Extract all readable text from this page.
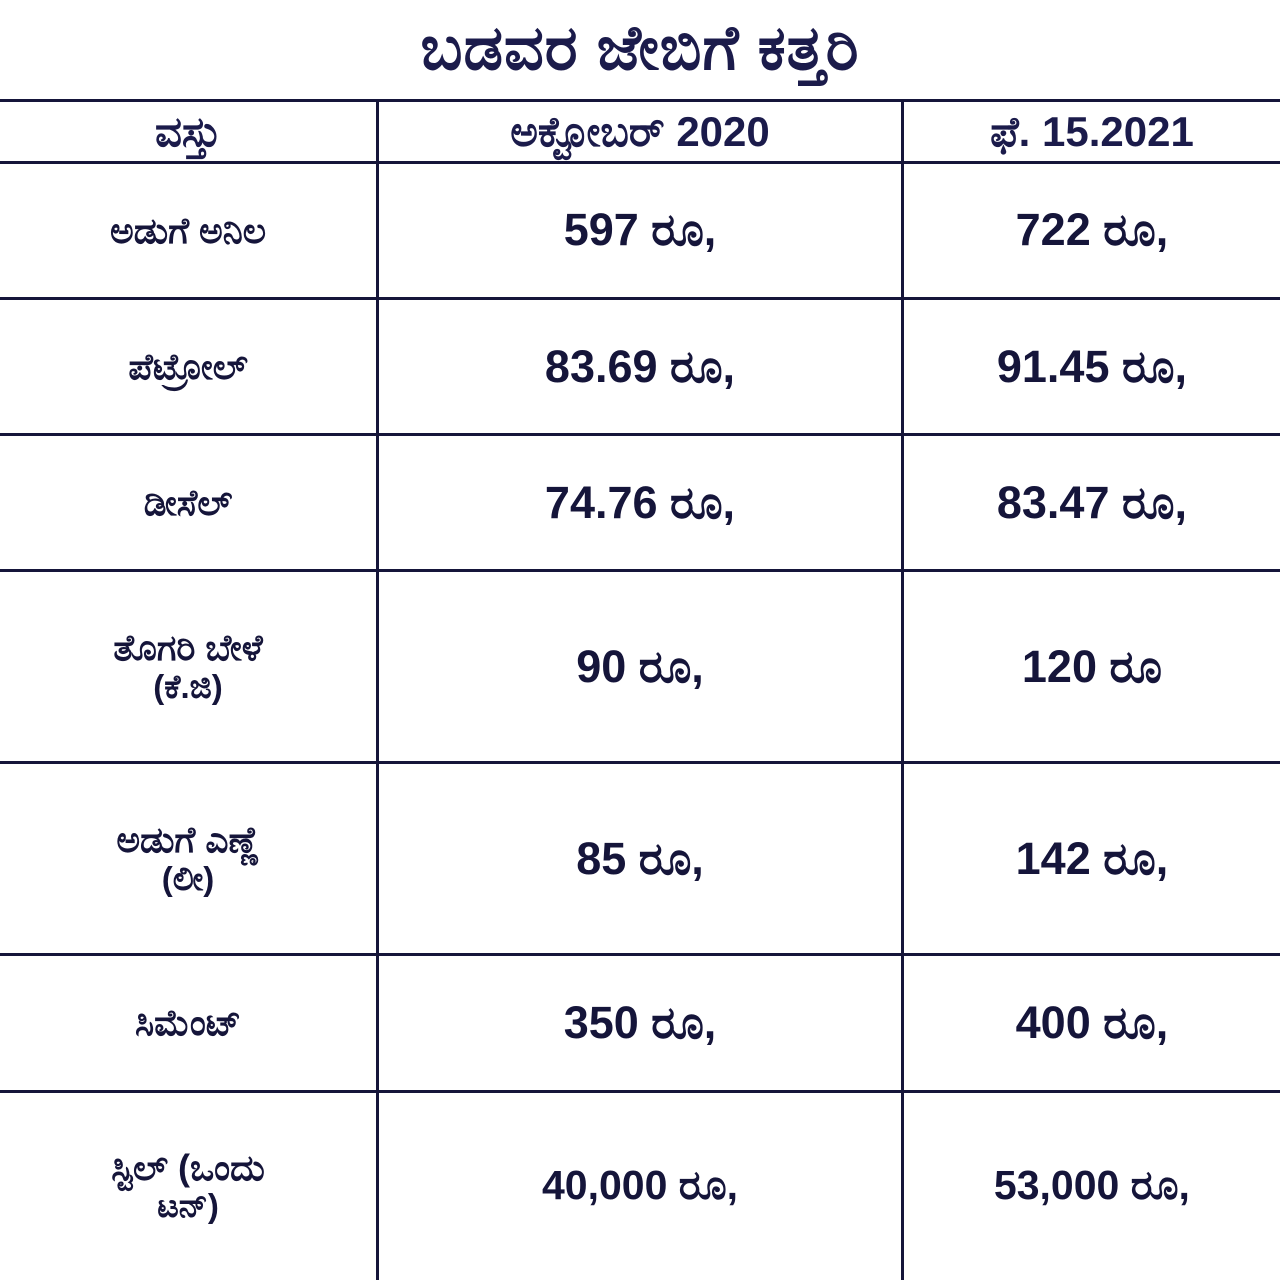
ಬಡವರ ಜೇಬಿಗೆ ಕತ್ತರಿ
ವಸ್ತು	ಅಕ್ಟೋಬರ್ 2020	ಫೆ. 15.2021
ಅಡುಗೆ ಅನಿಲ	597 ರೂ,	722 ರೂ,
ಪೆಟ್ರೋಲ್	83.69 ರೂ,	91.45 ರೂ,
ಡೀಸೆಲ್	74.76 ರೂ,	83.47 ರೂ,
ತೊಗರಿ ಬೇಳೆ
(ಕೆ.ಜಿ)	90 ರೂ,	120 ರೂ
ಅಡುಗೆ ಎಣ್ಣೆ
(ಲೀ)	85 ರೂ,	142 ರೂ,
ಸಿಮೆಂಟ್	350 ರೂ,	400 ರೂ,
ಸ್ಟಿಲ್ (ಒಂದು
ಟನ್)	40,000 ರೂ,	53,000 ರೂ,
